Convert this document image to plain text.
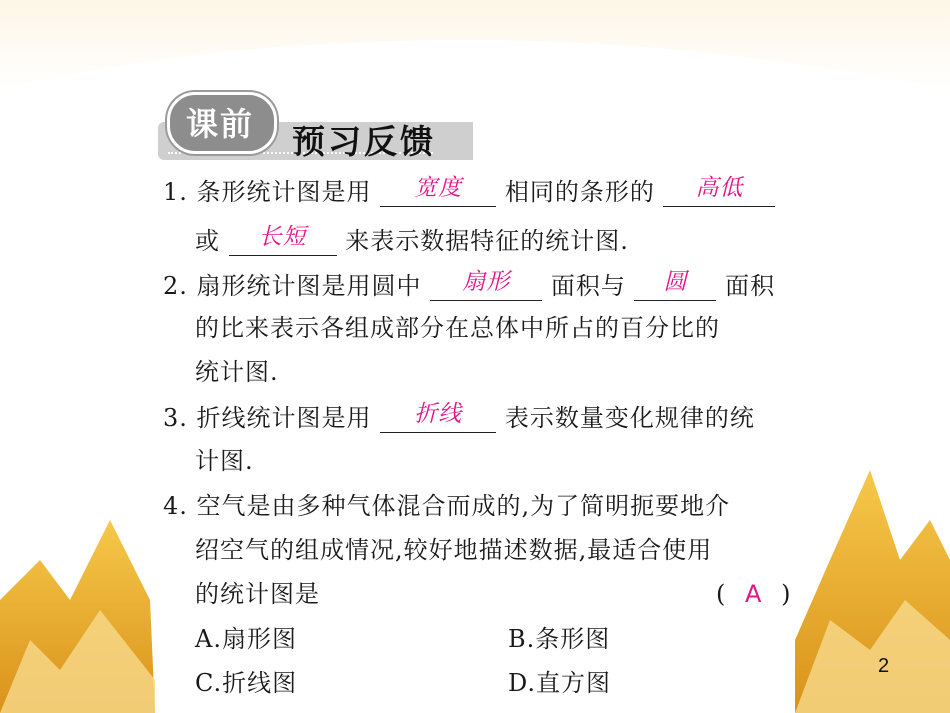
课前	预习反馈
1. 条形统计图是用 宽度 相同的条形的 高低
或 长短 来表示数据特征的统计图.
2. 扇形统计图是用圆中 扇形 面积与 圆 面积
的比来表示各组成部分在总体中所占的百分比的
统计图.
3. 折线统计图是用 折线 表示数量变化规律的统
计图.
4. 空气是由多种气体混合而成的,为了简明扼要地介
绍空气的组成情况,较好地描述数据,最适合使用
的统计图是	( A )
A.扇形图	B.条形图
C.折线图	D.直方图
2
